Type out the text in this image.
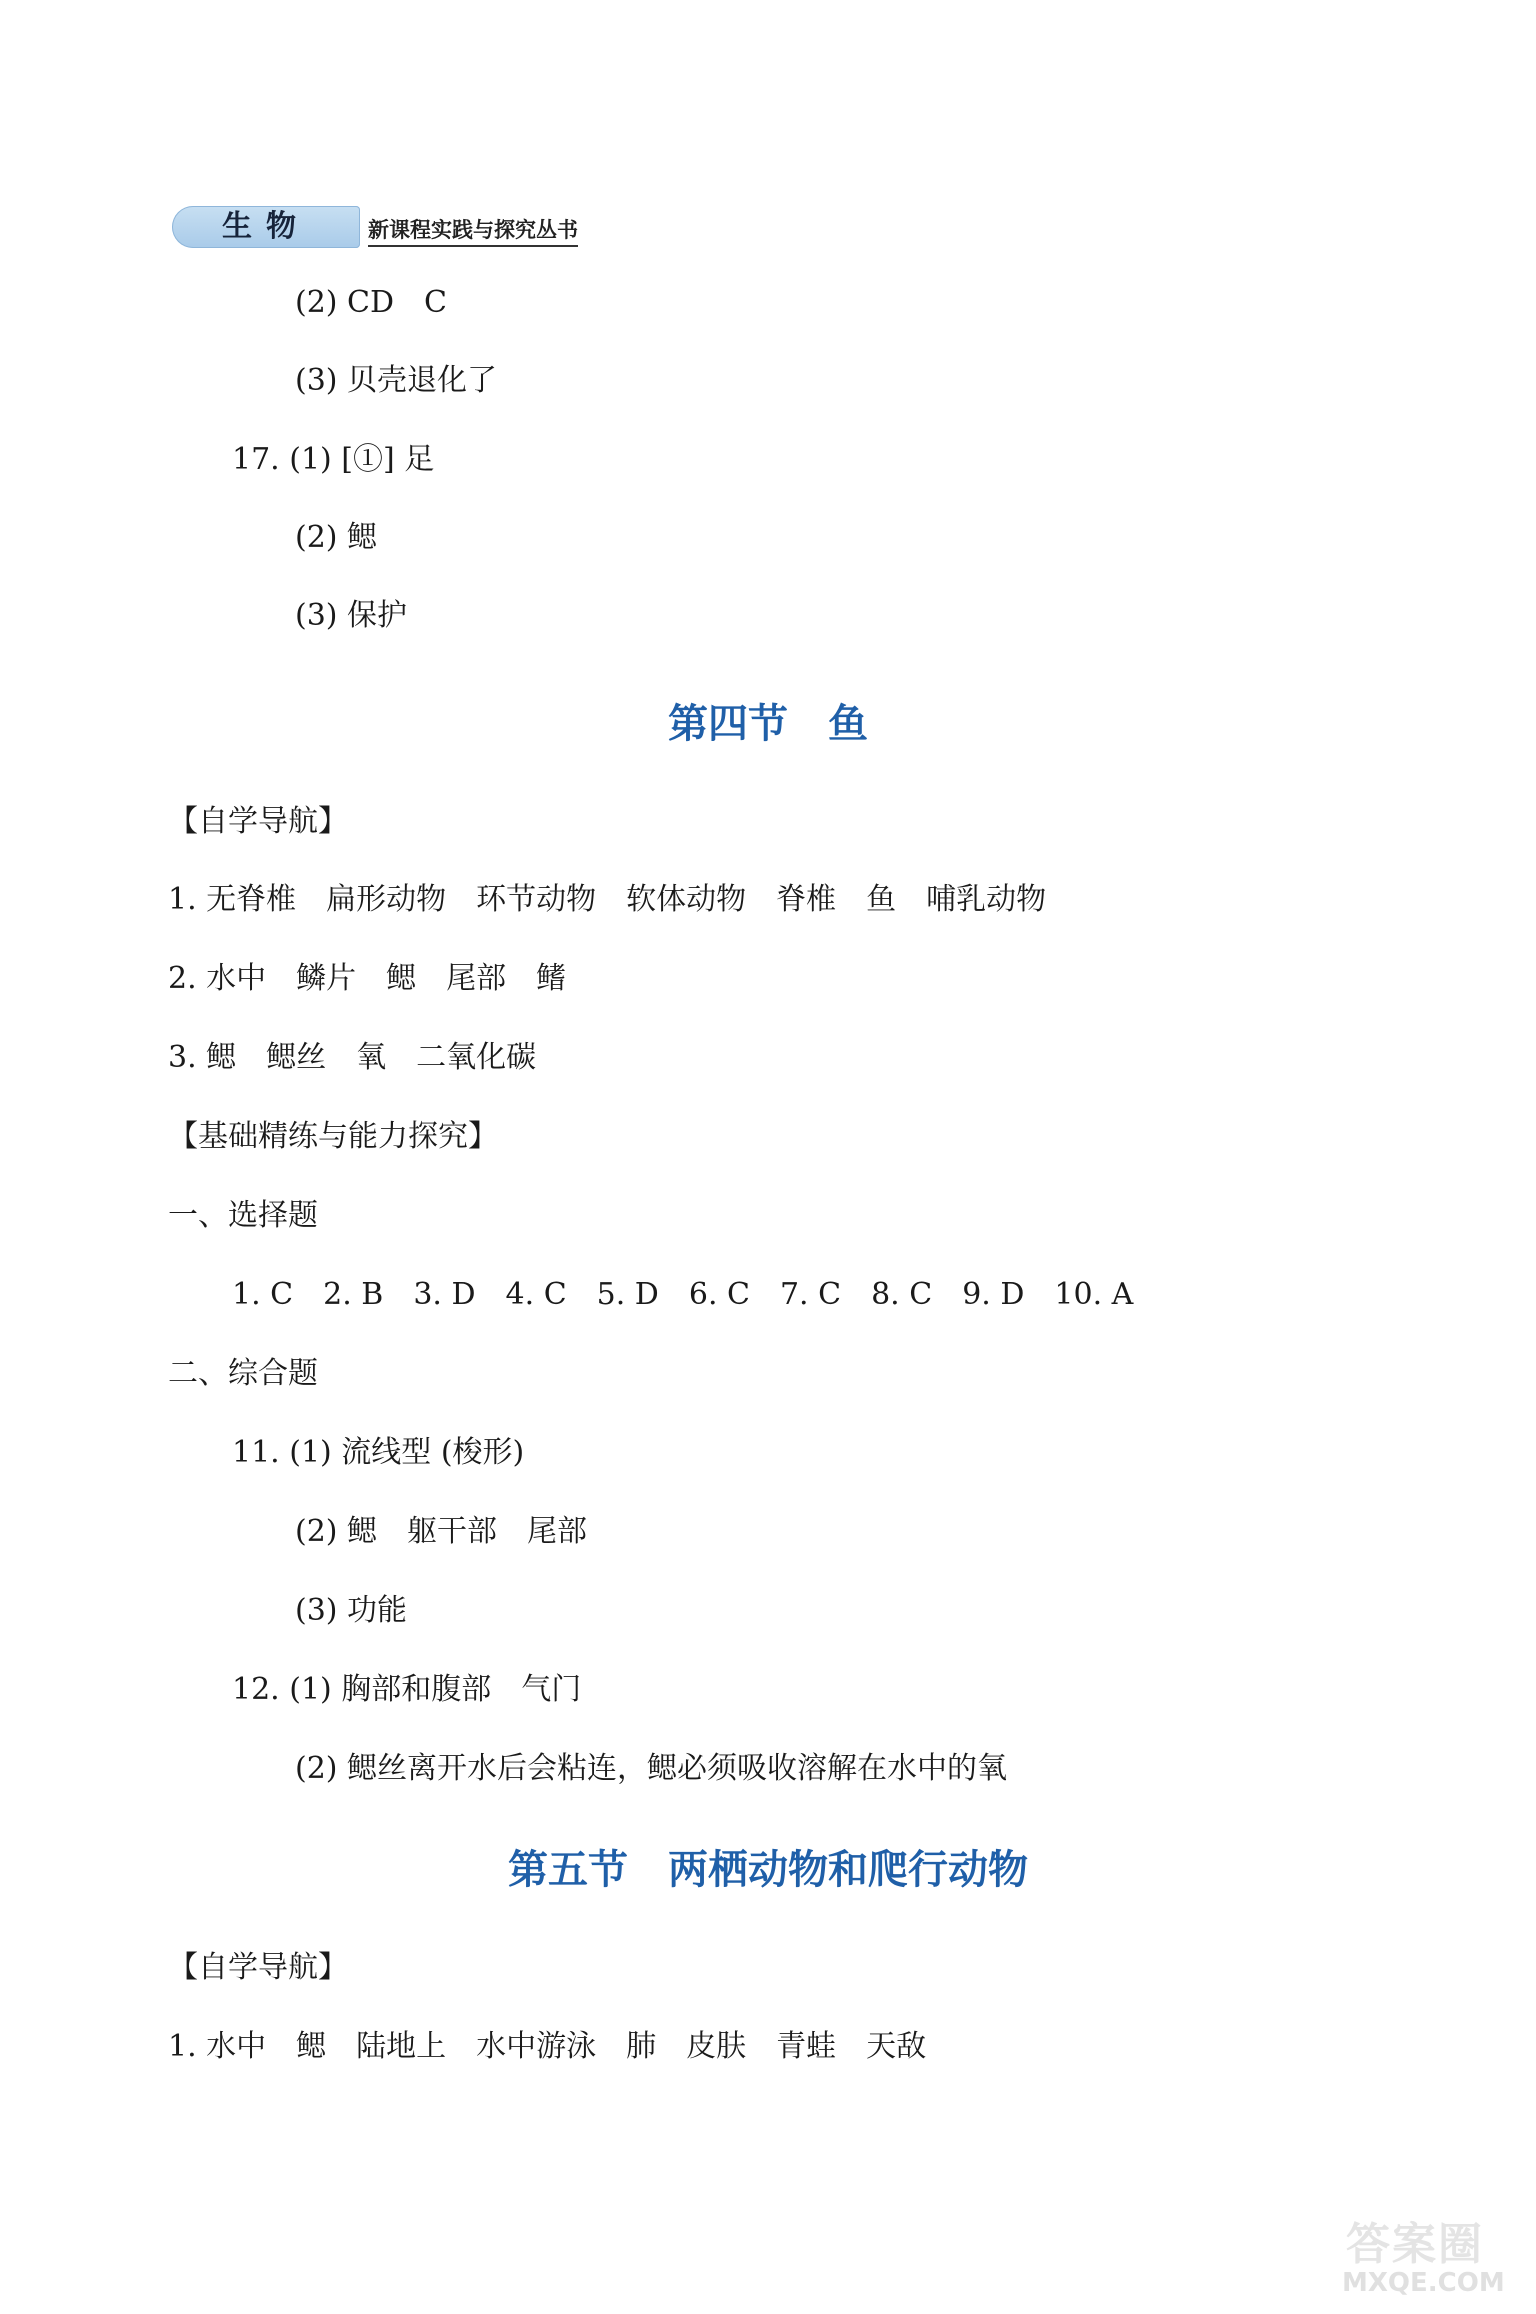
生物	新课程实践与探究丛书
(2) CD　C
(3) 贝壳退化了
17. (1) [①] 足
(2) 鳃
(3) 保护
第四节　鱼
【自学导航】
1. 无脊椎　扁形动物　环节动物　软体动物　脊椎　鱼　哺乳动物
2. 水中　鳞片　鳃　尾部　鳍
3. 鳃　鳃丝　氧　二氧化碳
【基础精练与能力探究】
一、选择题
1. C　2. B　3. D　4. C　5. D　6. C　7. C　8. C　9. D　10. A
二、综合题
11. (1) 流线型 (梭形)
(2) 鳃　躯干部　尾部
(3) 功能
12. (1) 胸部和腹部　气门
(2) 鳃丝离开水后会粘连，鳃必须吸收溶解在水中的氧
第五节　两栖动物和爬行动物
【自学导航】
1. 水中　鳃　陆地上　水中游泳　肺　皮肤　青蛙　天敌
答案圈
MXQE.COM
